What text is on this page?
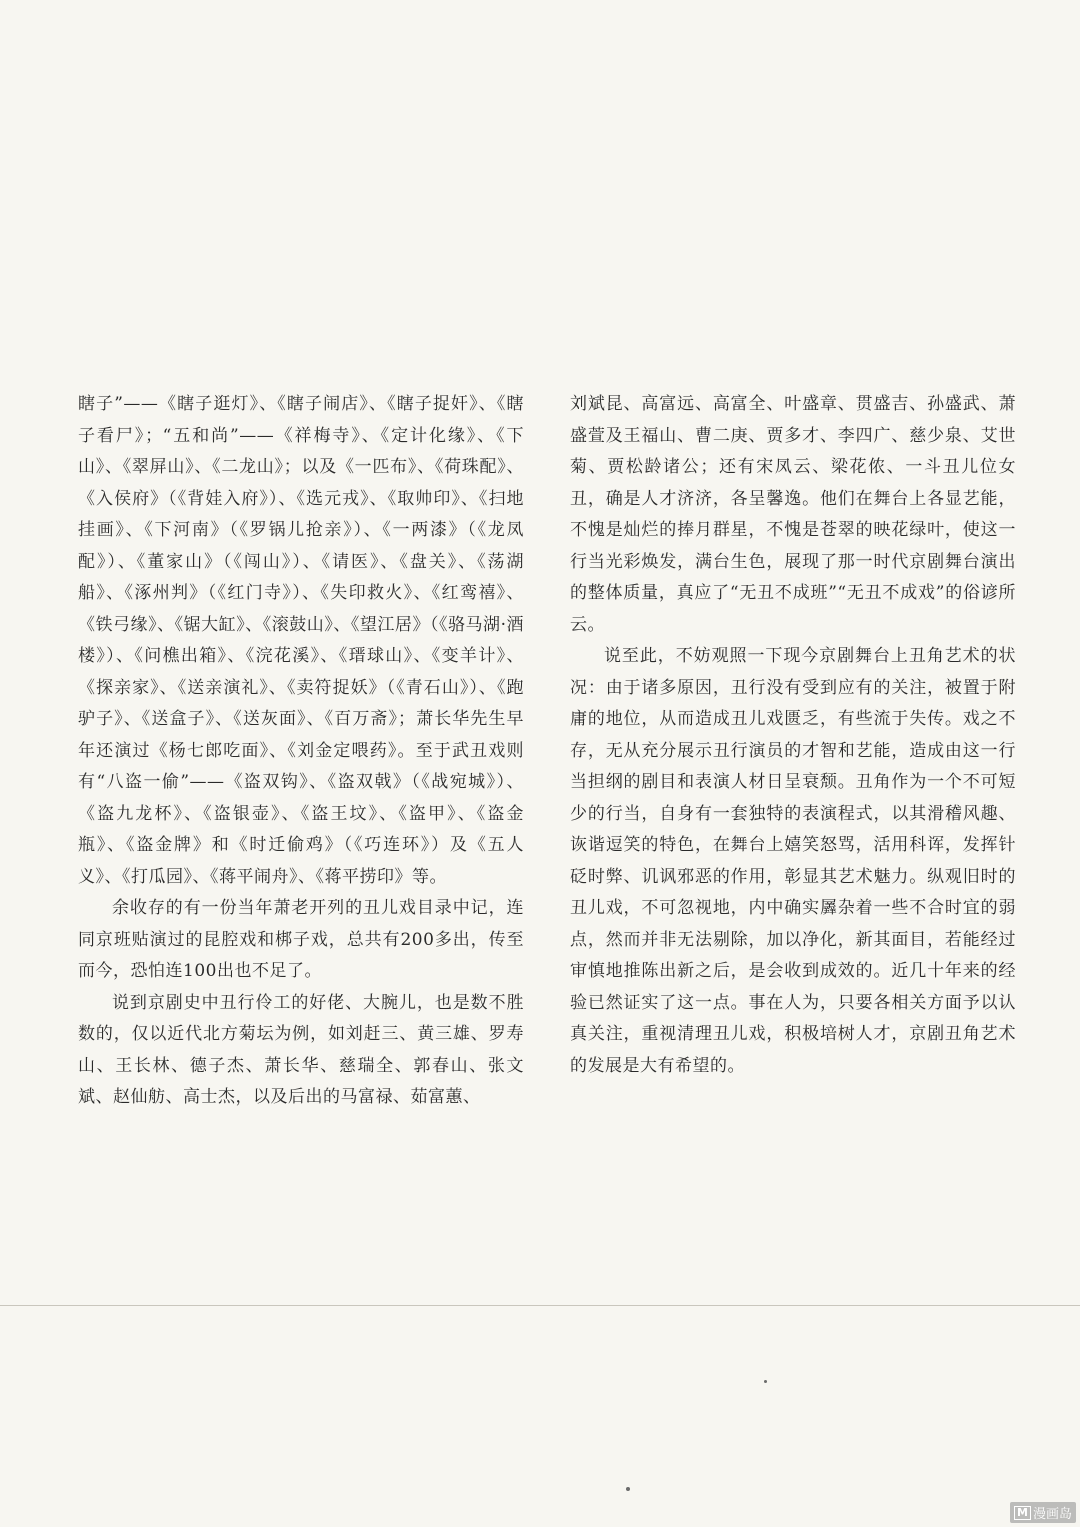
瞎子”——《瞎子逛灯》、《瞎子闹店》、《瞎子捉奸》、《瞎子看尸》；“五和尚”——《祥梅寺》、《定计化缘》、《下山》、《翠屏山》、《二龙山》；以及《一匹布》、《荷珠配》、《入侯府》（《背娃入府》）、《选元戎》、《取帅印》、《扫地挂画》、《下河南》（《罗锅儿抢亲》）、《一两漆》（《龙凤配》）、《董家山》（《闯山》）、《请医》、《盘关》、《荡湖船》、《涿州判》（《红门寺》）、《失印救火》、《红鸾禧》、《铁弓缘》、《锯大缸》、《滚鼓山》、《望江居》（《骆马湖·酒楼》）、《问樵出箱》、《浣花溪》、《瑨球山》、《变羊计》、《探亲家》、《送亲演礼》、《卖符捉妖》（《青石山》）、《跑驴子》、《送盒子》、《送灰面》、《百万斋》；萧长华先生早年还演过《杨七郎吃面》、《刘金定喂药》。至于武丑戏则有“八盗一偷”——《盗双钩》、《盗双戟》（《战宛城》）、《盗九龙杯》、《盗银壶》、《盗王坟》、《盗甲》、《盗金瓶》、《盗金牌》和《时迁偷鸡》（《巧连环》）及《五人义》、《打瓜园》、《蒋平闹舟》、《蒋平捞印》等。

余收存的有一份当年萧老开列的丑儿戏目录中记，连同京班贴演过的昆腔戏和梆子戏，总共有200多出，传至而今，恐怕连100出也不足了。

说到京剧史中丑行伶工的好佬、大腕儿，也是数不胜数的，仅以近代北方菊坛为例，如刘赶三、黄三雄、罗寿山、王长林、德子杰、萧长华、慈瑞全、郭春山、张文斌、赵仙舫、高士杰，以及后出的马富禄、茹富蕙、

刘斌昆、高富远、高富全、叶盛章、贯盛吉、孙盛武、萧盛萱及王福山、曹二庚、贾多才、李四广、慈少泉、艾世菊、贾松龄诸公；还有宋凤云、梁花侬、一斗丑儿位女丑，确是人才济济，各呈馨逸。他们在舞台上各显艺能，不愧是灿烂的捧月群星，不愧是苍翠的映花绿叶，使这一行当光彩焕发，满台生色，展现了那一时代京剧舞台演出的整体质量，真应了“无丑不成班”“无丑不成戏”的俗谚所云。

说至此，不妨观照一下现今京剧舞台上丑角艺术的状况：由于诸多原因，丑行没有受到应有的关注，被置于附庸的地位，从而造成丑儿戏匮乏，有些流于失传。戏之不存，无从充分展示丑行演员的才智和艺能，造成由这一行当担纲的剧目和表演人材日呈衰颓。丑角作为一个不可短少的行当，自身有一套独特的表演程式，以其滑稽风趣、诙谐逗笑的特色，在舞台上嬉笑怒骂，活用科诨，发挥针砭时弊、讥讽邪恶的作用，彰显其艺术魅力。纵观旧时的丑儿戏，不可忽视地，内中确实羼杂着一些不合时宜的弱点，然而并非无法剔除，加以净化，新其面目，若能经过审慎地推陈出新之后，是会收到成效的。近几十年来的经验已然证实了这一点。事在人为，只要各相关方面予以认真关注，重视清理丑儿戏，积极培树人才，京剧丑角艺术的发展是大有希望的。

M 漫画岛
